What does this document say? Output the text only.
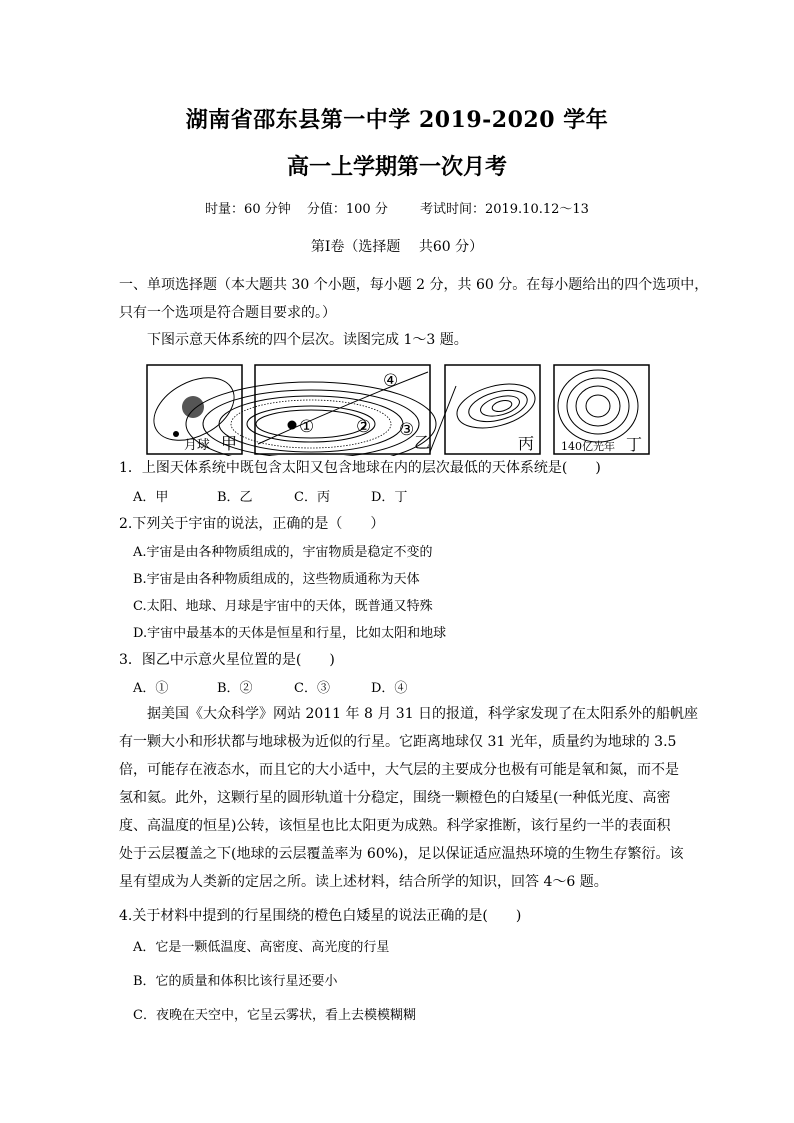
湖南省邵东县第一中学 2019-2020 学年
高一上学期第一次月考
时量：60 分钟 分值：100 分 考试时间：2019.10.12～13
第Ⅰ卷（选择题　 共60 分）
一、单项选择题（本大题共 30 个小题，每小题 2 分，共 60 分。在每小题给出的四个选项中，
只有一个选项是符合题目要求的。）
下图示意天体系统的四个层次。读图完成 1～3 题。
月球 甲
① ② ③
④
乙	丙 140亿光年 丁
1．上图天体系统中既包含太阳又包含地球在内的层次最低的天体系统是(　　)
A．甲	B．乙	C．丙	D．丁
2.下列关于宇宙的说法，正确的是（　　）
A.宇宙是由各种物质组成的，宇宙物质是稳定不变的
B.宇宙是由各种物质组成的，这些物质通称为天体
C.太阳、地球、月球是宇宙中的天体，既普通又特殊
D.宇宙中最基本的天体是恒星和行星，比如太阳和地球
3．图乙中示意火星位置的是(　　)
A．①	B．②	C．③	D．④
据美国《大众科学》网站 2011 年 8 月 31 日的报道，科学家发现了在太阳系外的船帆座
有一颗大小和形状都与地球极为近似的行星。它距离地球仅 31 光年，质量约为地球的 3.5
倍，可能存在液态水，而且它的大小适中，大气层的主要成分也极有可能是氧和氮，而不是
氢和氦。此外，这颗行星的圆形轨道十分稳定，围绕一颗橙色的白矮星(一种低光度、高密
度、高温度的恒星)公转，该恒星也比太阳更为成熟。科学家推断，该行星约一半的表面积
处于云层覆盖之下(地球的云层覆盖率为 60%)，足以保证适应温热环境的生物生存繁衍。该
星有望成为人类新的定居之所。读上述材料，结合所学的知识，回答 4～6 题。
4.关于材料中提到的行星围绕的橙色白矮星的说法正确的是(　　)
A．它是一颗低温度、高密度、高光度的行星
B．它的质量和体积比该行星还要小
C．夜晚在天空中，它呈云雾状，看上去模模糊糊
